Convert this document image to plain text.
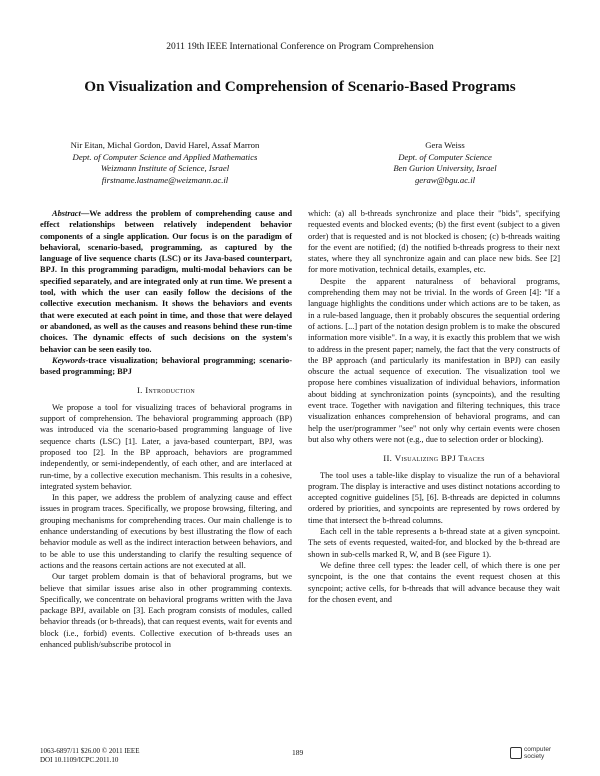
2011 19th IEEE International Conference on Program Comprehension
On Visualization and Comprehension of Scenario-Based Programs
Nir Eitan, Michal Gordon, David Harel, Assaf Marron
Dept. of Computer Science and Applied Mathematics
Weizmann Institute of Science, Israel
firstname.lastname@weizmann.ac.il
Gera Weiss
Dept. of Computer Science
Ben Gurion University, Israel
geraw@bgu.ac.il

Abstract—We address the problem of comprehending cause and effect relationships between relatively independent behavior components of a single application. Our focus is on the paradigm of behavioral, scenario-based, programming, as captured by the language of live sequence charts (LSC) or its Java-based counterpart, BPJ. In this programming paradigm, multi-modal behaviors can be specified separately, and are integrated only at run time. We present a tool, with which the user can easily follow the decisions of the collective execution mechanism. It shows the behaviors and events that were executed at each point in time, and those that were delayed or abandoned, as well as the causes and reasons behind these run-time choices. The dynamic effects of such decisions on the system's behavior can be seen easily too.

Keywords-trace visualization; behavioral programming; scenario-based programming; BPJ

I. Introduction

We propose a tool for visualizing traces of behavioral programs in support of comprehension. The behavioral programming approach (BP) was introduced via the scenario-based programming language of live sequence charts (LSC) [1]. Later, a java-based counterpart, BPJ, was proposed too [2]. In the BP approach, behaviors are programmed independently, or semi-independently, of each other, and are interlaced at run-time, by a collective execution mechanism. This results in a cohesive, integrated system behavior.

In this paper, we address the problem of analyzing cause and effect issues in program traces. Specifically, we propose browsing, filtering, and grouping mechanisms for comprehending traces. Our main challenge is to enhance understanding of executions by best illustrating the flow of each behavior module as well as the indirect interaction between behaviors, and to be able to use this understanding to clarify the resulting sequence of actions and the reasons certain actions are not executed at all.

Our target problem domain is that of behavioral programs, but we believe that similar issues arise also in other programming contexts. Specifically, we concentrate on behavioral programs written with the Java package BPJ, available on [3]. Each program consists of modules, called behavior threads (or b-threads), that can request events, wait for events and block (i.e., forbid) events. Collective execution of b-threads uses an enhanced publish/subscribe protocol in

which: (a) all b-threads synchronize and place their "bids", specifying requested events and blocked events; (b) the first event (subject to a given order) that is requested and is not blocked is chosen; (c) b-threads waiting for the event are notified; (d) the notified b-threads progress to their next states, where they all synchronize again and can place new bids. See [2] for more motivation, technical details, examples, etc.

Despite the apparent naturalness of behavioral programs, comprehending them may not be trivial. In the words of Green [4]: "If a language highlights the conditions under which actions are to be taken, as in a rule-based language, then it probably obscures the sequential ordering of actions. [...] part of the notation design problem is to make the obscured information more visible". In a way, it is exactly this problem that we wish to address in the present paper; namely, the fact that the very constructs of the BP approach (and particularly its manifestation in BPJ) can easily obscure the actual sequence of execution. The visualization tool we propose here combines visualization of individual behaviors, information about bidding at synchronization points (syncpoints), and the resulting event trace. Together with navigation and filtering techniques, this trace visualization enhances comprehension of behavioral programs, and can help the user/programmer "see" not only why certain events were chosen but also why others were not (e.g., due to selection order or blocking).

II. Visualizing BPJ Traces

The tool uses a table-like display to visualize the run of a behavioral program. The display is interactive and uses distinct notations according to accepted cognitive guidelines [5], [6]. B-threads are depicted in columns ordered by priorities, and syncpoints are represented by rows ordered by time that intersect the b-thread columns.

Each cell in the table represents a b-thread state at a given syncpoint. The sets of events requested, waited-for, and blocked by the b-thread are shown in sub-cells marked R, W, and B (see Figure 1).

We define three cell types: the leader cell, of which there is one per syncpoint, is the one that contains the event request chosen at this syncpoint; active cells, for b-threads that will advance because they wait for the chosen event, and

1063-6897/11 $26.00 © 2011 IEEE
DOI 10.1109/ICPC.2011.10
189	computer
society
